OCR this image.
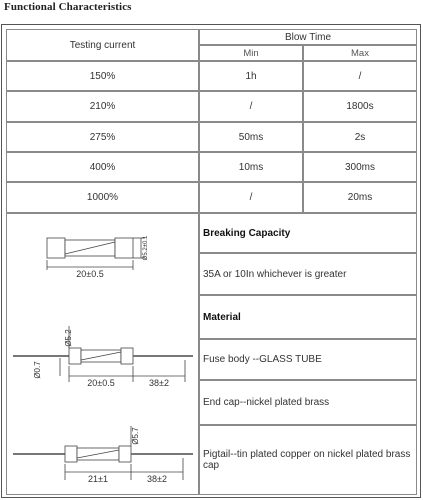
Functional Characteristics
Testing current
Blow Time
Min	Max
150%	1h	/
210%	/	1800s
275%	50ms	2s
400%	10ms	300ms
1000%	/	20ms
20±0.5
Ø5.2±0.1
20±0.5	38±2
Ø5.2
Ø0.7
21±1	38±2
Ø5.7
Breaking Capacity
35A or 10In whichever is greater
Material
Fuse body --GLASS TUBE
End cap--nickel plated brass
Pigtail--tin plated copper on nickel plated brass cap
